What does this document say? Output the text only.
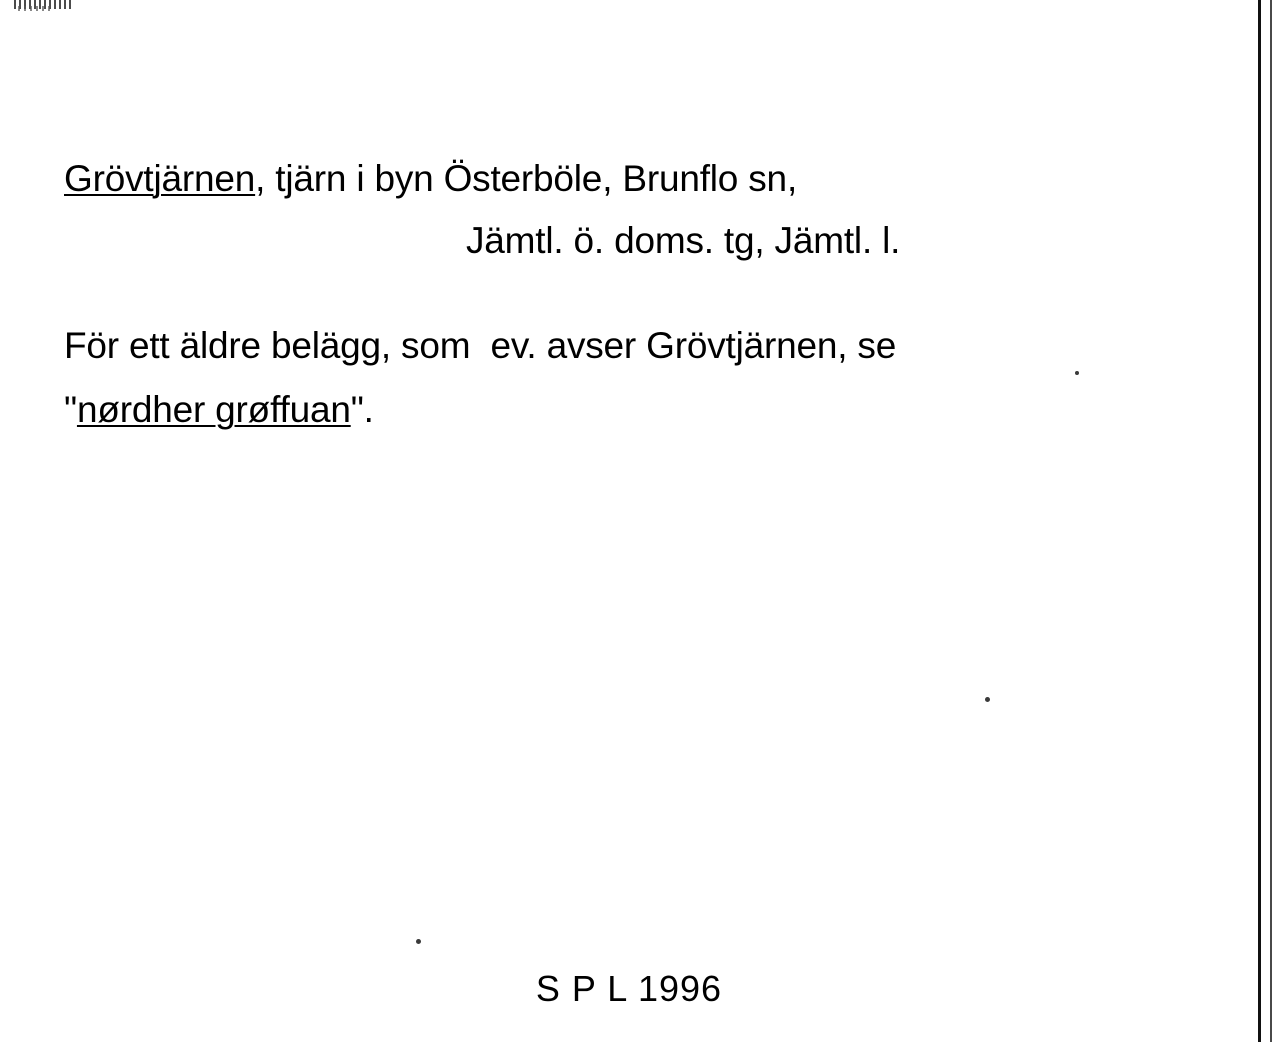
Grövtjärnen, tjärn i byn Österböle, Brunflo sn,
Jämtl. ö. doms. tg, Jämtl. l.
För ett äldre belägg, som  ev. avser Grövtjärnen, se
"nørdher grøffuan".
S P L 1996
